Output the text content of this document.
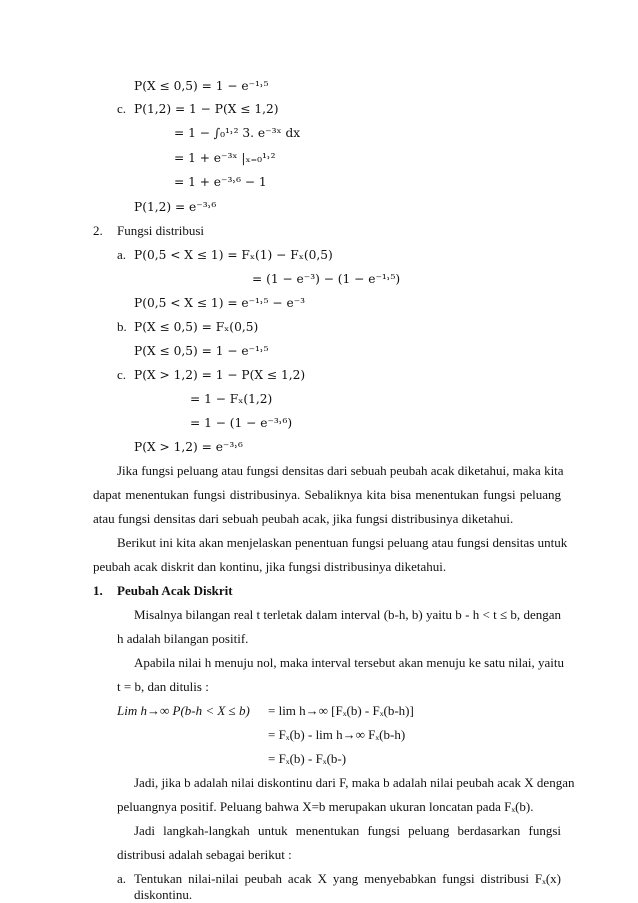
P(X ≤ 0,5) = 1 − e⁻¹˒⁵
c. P(1,2) = 1 − P(X ≤ 1,2)
= 1 − ∫₀¹˒² 3. e⁻³ˣ dx
= 1 + e⁻³ˣ |ₓ₌₀¹˒²
= 1 + e⁻³˒⁶ − 1
P(1,2) = e⁻³˒⁶
2. Fungsi distribusi
a. P(0,5 < X ≤ 1) = Fₓ(1) − Fₓ(0,5)
= (1 − e⁻³) − (1 − e⁻¹˒⁵)
P(0,5 < X ≤ 1) = e⁻¹˒⁵ − e⁻³
b. P(X ≤ 0,5) = Fₓ(0,5)
P(X ≤ 0,5) = 1 − e⁻¹˒⁵
c. P(X > 1,2) = 1 − P(X ≤ 1,2)
= 1 − Fₓ(1,2)
= 1 − (1 − e⁻³˒⁶)
P(X > 1,2) = e⁻³˒⁶
Jika fungsi peluang atau fungsi densitas dari sebuah peubah acak diketahui, maka kita
dapat menentukan fungsi distribusinya. Sebaliknya kita bisa menentukan fungsi peluang
atau fungsi densitas dari sebuah peubah acak, jika fungsi distribusinya diketahui.
Berikut ini kita akan menjelaskan penentuan fungsi peluang atau fungsi densitas untuk
peubah acak diskrit dan kontinu, jika fungsi distribusinya diketahui.
1. Peubah Acak Diskrit
Misalnya bilangan real t terletak dalam interval (b-h, b) yaitu b - h < t ≤ b, dengan
h adalah bilangan positif.
Apabila nilai h menuju nol, maka interval tersebut akan menuju ke satu nilai, yaitu
t = b, dan ditulis :
Lim h→∞ P(b-h < X ≤ b) = lim h→∞ [Fₓ(b) - Fₓ(b-h)]
= Fₓ(b) - lim h→∞ Fₓ(b-h)
= Fₓ(b) - Fₓ(b-)
Jadi, jika b adalah nilai diskontinu dari F, maka b adalah nilai peubah acak X dengan
peluangnya positif. Peluang bahwa X=b merupakan ukuran loncatan pada Fₓ(b).
Jadi langkah-langkah untuk menentukan fungsi peluang berdasarkan fungsi
distribusi adalah sebagai berikut :
a. Tentukan nilai-nilai peubah acak X yang menyebabkan fungsi distribusi Fₓ(x)
diskontinu.
